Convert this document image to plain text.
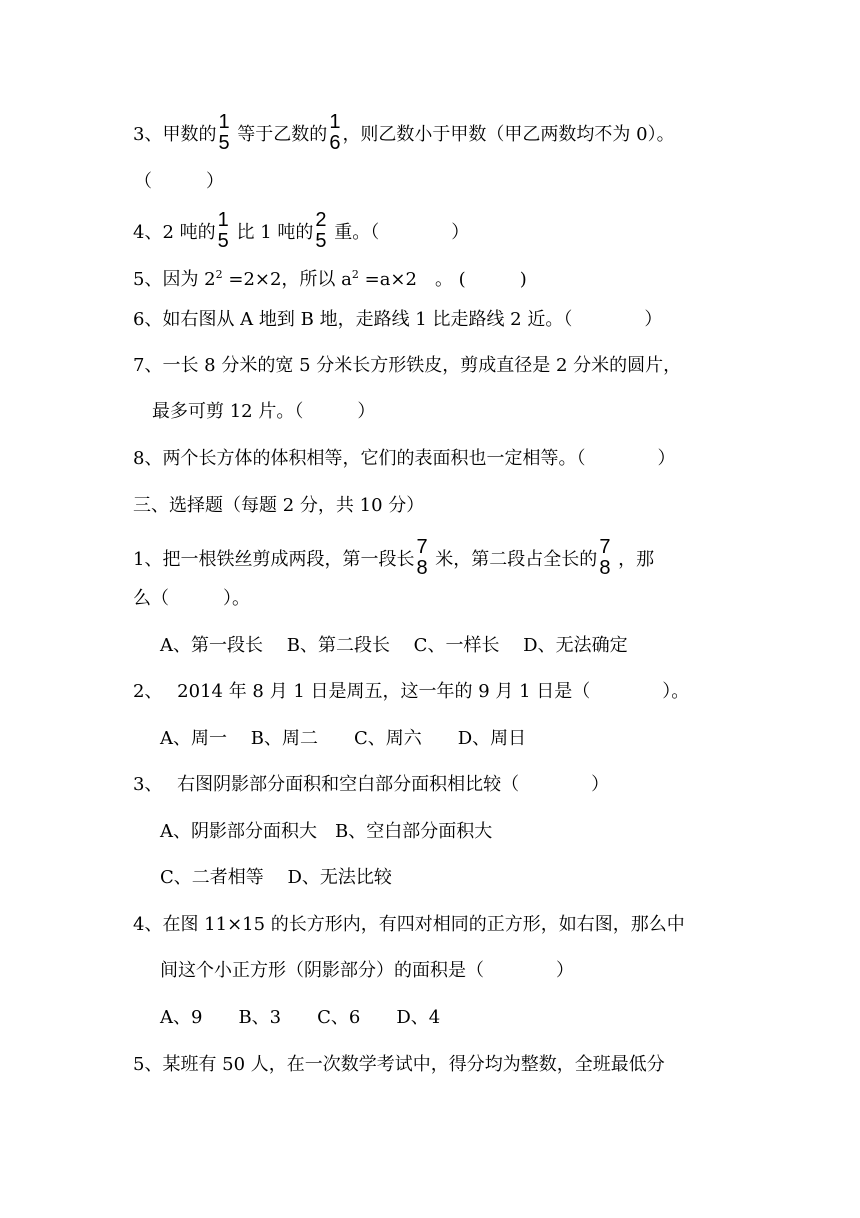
3、甲数的
1
5 等于乙数的
1
6 ，则乙数小于甲数（甲乙两数均不为 0）。
（　　　）
4、2 吨的
1
5 比 1 吨的
2
5 重。（　　　　）
5、因为 $2^2 =2\times 2$，所以 $a^2 =a\times 2$　。 (　　　)
6、如右图从 A 地到 B 地，走路线 1 比走路线 2 近。（　　　　）
7、一长 8 分米的宽 5 分米长方形铁皮，剪成直径是 2 分米的圆片，
最多可剪 12 片。（　　　）
8、两个长方体的体积相等，它们的表面积也一定相等。（　　　　）
三、选择题（每题 2 分，共 10 分）
1、把一根铁丝剪成两段，第一段长
7
8 米，第二段占全长的
7
8 ，那
么（　　　）。
A、第一段长　 B、第二段长　 C、一样长　 D、无法确定
2、　 2014 年 8 月 1 日是周五，这一年的 9 月 1 日是（　　　　）。
A、周一　 B、周二　　C、周六　　D、周日
3、　 右图阴影部分面积和空白部分面积相比较（　　　　）
A、阴影部分面积大　B、空白部分面积大
C、二者相等　 D、无法比较
4、在图 11×15 的长方形内，有四对相同的正方形，如右图，那么中
间这个小正方形（阴影部分）的面积是（　　　　）
A、9　　B、3　　C、6　　D、4
5、某班有 50 人，在一次数学考试中，得分均为整数，全班最低分
